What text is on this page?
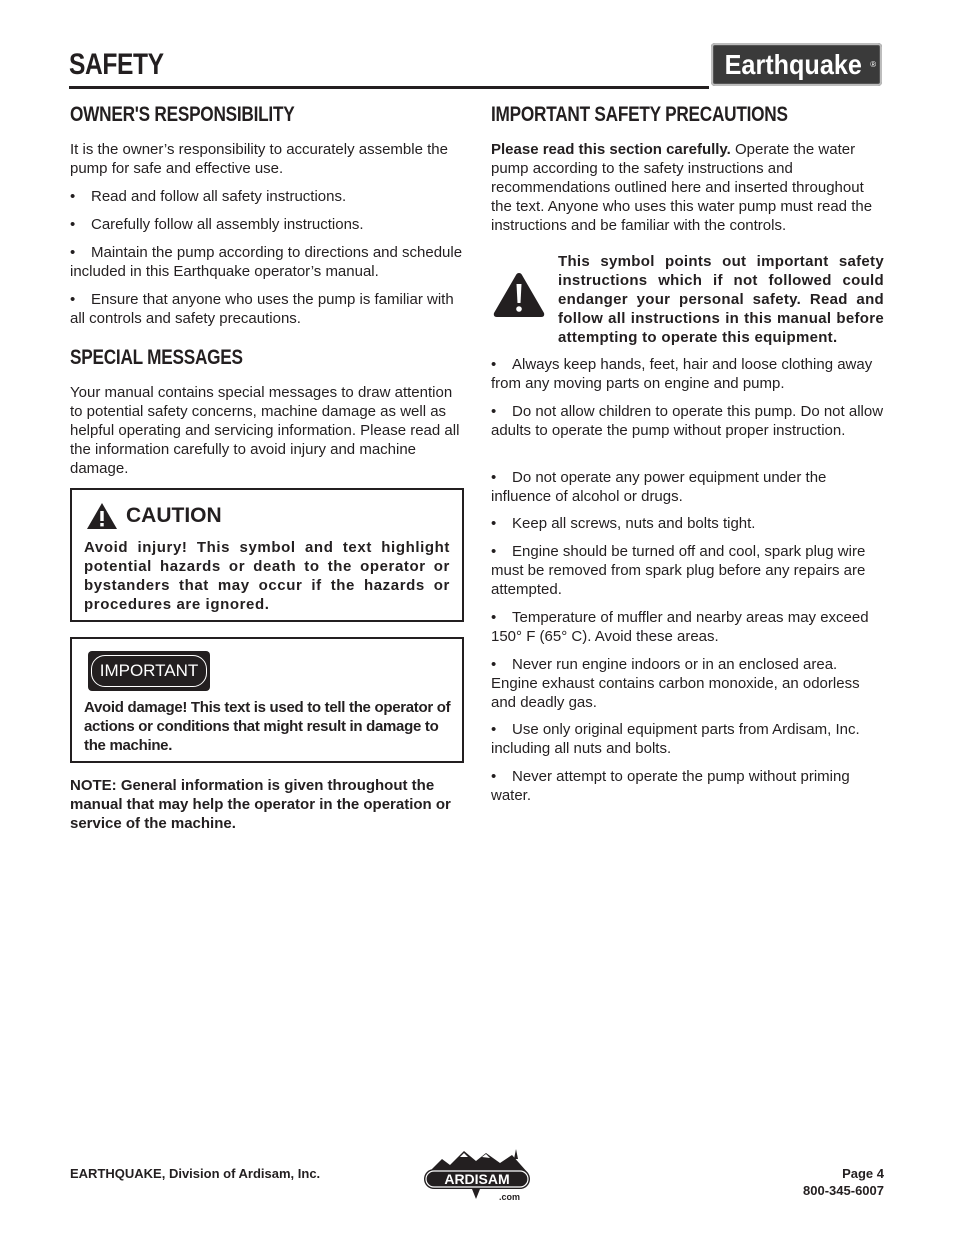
SAFETY	Earthquake ®
OWNER'S RESPONSIBILITY

It is the owner’s responsibility to accurately assemble the pump for safe and effective use.

• Read and follow all safety instructions.

• Carefully follow all assembly instructions.

• Maintain the pump according to directions and schedule included in this Earthquake operator’s manual.

• Ensure that anyone who uses the pump is familiar with all controls and safety precautions.

SPECIAL MESSAGES

Your manual contains special messages to draw attention to potential safety concerns, machine damage as well as helpful operating and servicing information. Please read all the information carefully to avoid injury and machine damage.

CAUTION

Avoid injury! This symbol and text highlight potential hazards or death to the operator or bystanders that may occur if the hazards or procedures are ignored.

IMPORTANT

Avoid damage! This text is used to tell the operator of actions or conditions that might result in damage to the machine.

NOTE: General information is given throughout the manual that may help the operator in the operation or service of the machine.

IMPORTANT SAFETY PRECAUTIONS

Please read this section carefully. Operate the water pump according to the safety instructions and recommendations outlined here and inserted throughout the text. Anyone who uses this water pump must read the instructions and be familiar with the controls.

This symbol points out important safety instructions which if not followed could endanger your personal safety. Read and follow all instructions in this manual before attempting to operate this equipment.

• Always keep hands, feet, hair and loose clothing away from any moving parts on engine and pump.

• Do not allow children to operate this pump. Do not allow adults to operate the pump without proper instruction.

• Do not operate any power equipment under the influence of alcohol or drugs.

• Keep all screws, nuts and bolts tight.

• Engine should be turned off and cool, spark plug wire must be removed from spark plug before any repairs are attempted.

• Temperature of muffler and nearby areas may exceed 150° F (65° C). Avoid these areas.

• Never run engine indoors or in an enclosed area. Engine exhaust contains carbon monoxide, an odorless and deadly gas.

• Use only original equipment parts from Ardisam, Inc. including all nuts and bolts.

• Never attempt to operate the pump without priming water.

EARTHQUAKE, Division of Ardisam, Inc.	ARDISAM
.com
Page 4
800-345-6007
